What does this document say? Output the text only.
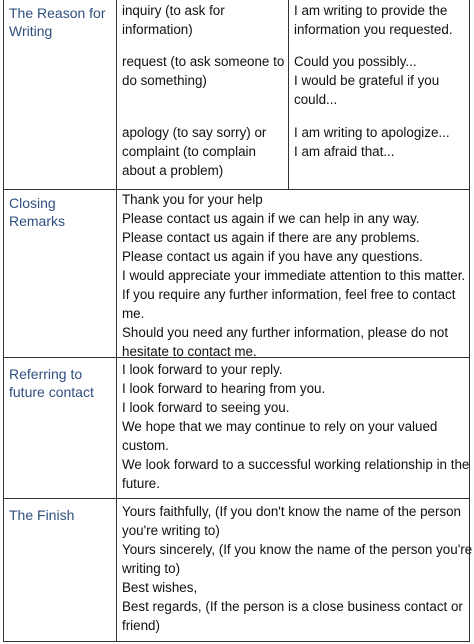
The Reason for
Writing
inquiry (to ask for
information)
I am writing to provide the
information you requested.
request (to ask someone to
do something)
Could you possibly...
I would be grateful if you
could...
apology (to say sorry) or
complaint (to complain
about a problem)
I am writing to apologize...
I am afraid that...
Closing
Remarks
Thank you for your help
Please contact us again if we can help in any way.
Please contact us again if there are any problems.
Please contact us again if you have any questions.
I would appreciate your immediate attention to this matter.
If you require any further information, feel free to contact
me.
Should you need any further information, please do not
hesitate to contact me.
Referring to
future contact
I look forward to your reply.
I look forward to hearing from you.
I look forward to seeing you.
We hope that we may continue to rely on your valued
custom.
We look forward to a successful working relationship in the
future.
The Finish	Yours faithfully, (If you don't know the name of the person
you're writing to)
Yours sincerely, (If you know the name of the person you're
writing to)
Best wishes,
Best regards, (If the person is a close business contact or
friend)
